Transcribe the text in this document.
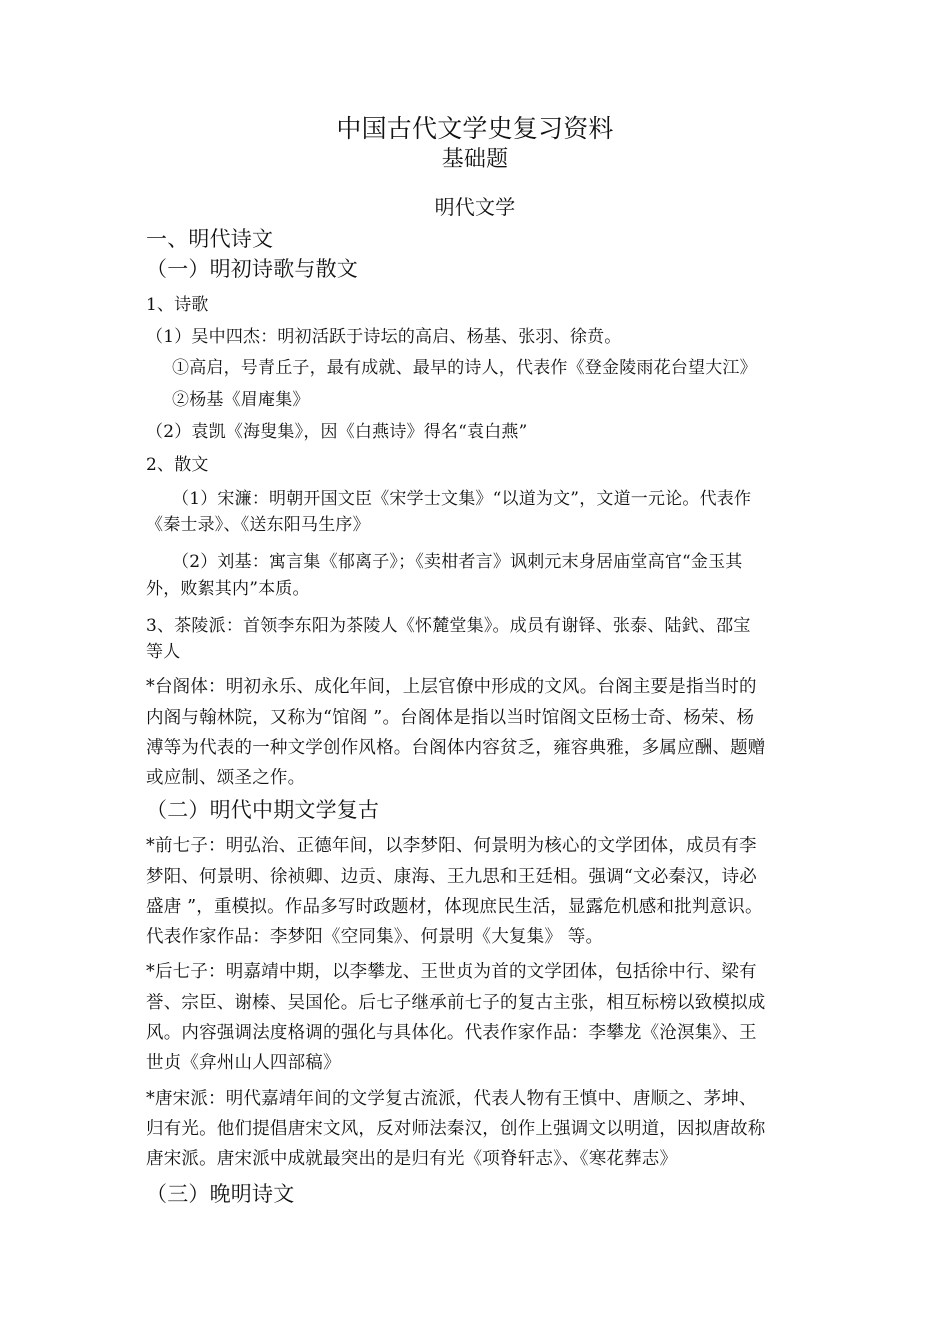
中国古代文学史复习资料

基础题

明代文学

一、明代诗文

（一）明初诗歌与散文

1、诗歌

（1）吴中四杰：明初活跃于诗坛的高启、杨基、张羽、徐贲。

①高启，号青丘子，最有成就、最早的诗人，代表作《登金陵雨花台望大江》

②杨基《眉庵集》

（2）袁凯《海叟集》，因《白燕诗》得名“袁白燕”

2、散文

（1）宋濂：明朝开国文臣《宋学士文集》“以道为文”，文道一元论。代表作

《秦士录》、《送东阳马生序》

（2）刘基：寓言集《郁离子》；《卖柑者言》讽刺元末身居庙堂高官“金玉其

外，败絮其内”本质。

3、茶陵派：首领李东阳为茶陵人《怀麓堂集》。成员有谢铎、张泰、陆釴、邵宝

等人

*台阁体：明初永乐、成化年间，上层官僚中形成的文风。台阁主要是指当时的

内阁与翰林院，又称为“馆阁 ”。台阁体是指以当时馆阁文臣杨士奇、杨荣、杨

溥等为代表的一种文学创作风格。台阁体内容贫乏，雍容典雅，多属应酬、题赠

或应制、颂圣之作。

（二）明代中期文学复古

*前七子：明弘治、正德年间，以李梦阳、何景明为核心的文学团体，成员有李

梦阳、何景明、徐祯卿、边贡、康海、王九思和王廷相。强调“文必秦汉，诗必

盛唐 ”，重模拟。作品多写时政题材，体现庶民生活，显露危机感和批判意识。

代表作家作品：李梦阳《空同集》、何景明《大复集》 等。

*后七子：明嘉靖中期，以李攀龙、王世贞为首的文学团体，包括徐中行、梁有

誉、宗臣、谢榛、吴国伦。后七子继承前七子的复古主张，相互标榜以致模拟成

风。内容强调法度格调的强化与具体化。代表作家作品：李攀龙《沧溟集》、王

世贞《弇州山人四部稿》

*唐宋派：明代嘉靖年间的文学复古流派，代表人物有王慎中、唐顺之、茅坤、

归有光。他们提倡唐宋文风，反对师法秦汉，创作上强调文以明道，因拟唐故称

唐宋派。唐宋派中成就最突出的是归有光《项脊轩志》、《寒花葬志》

（三）晚明诗文
